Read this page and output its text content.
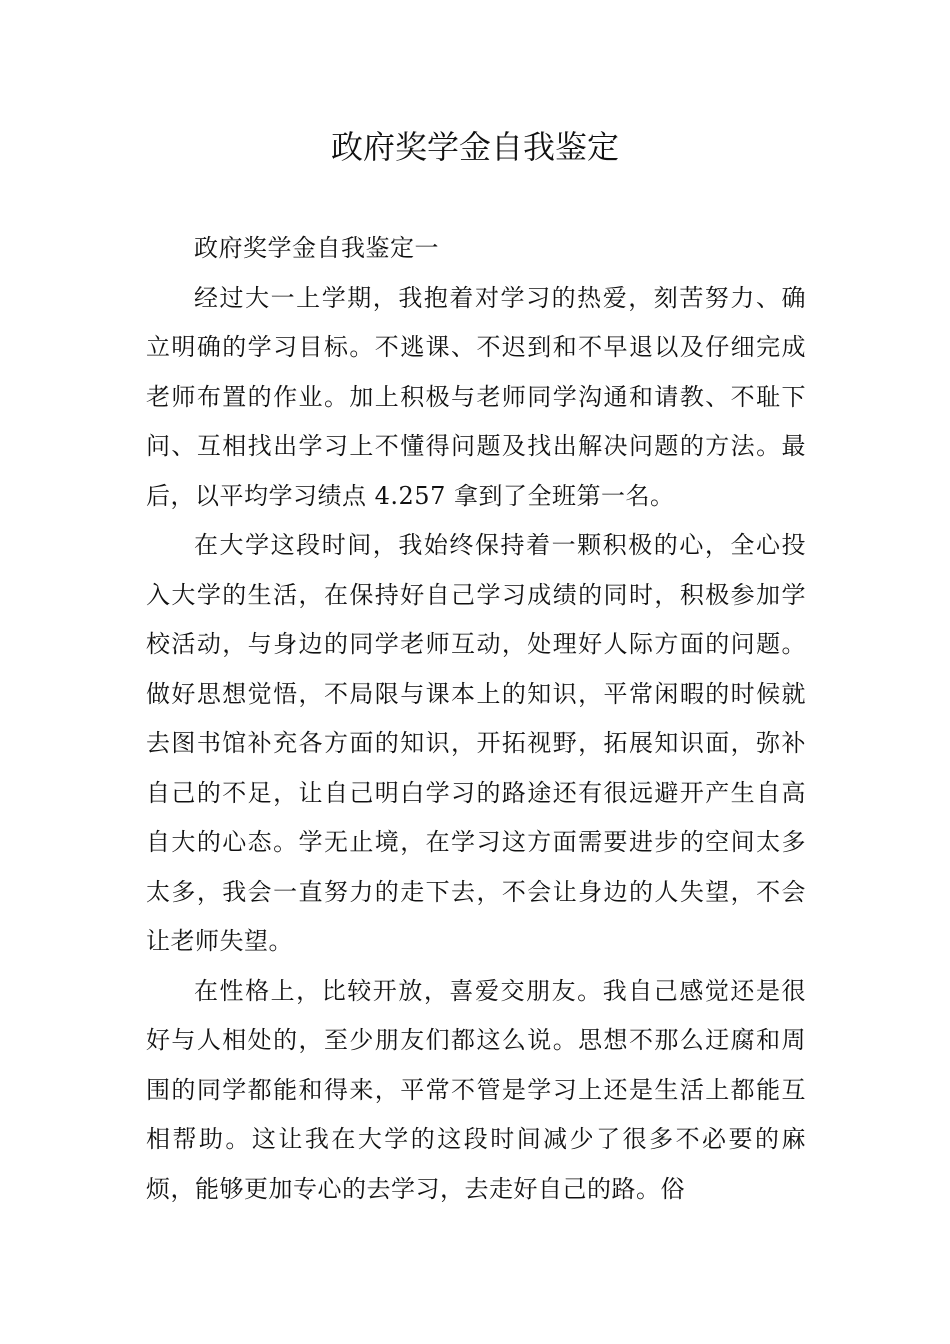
政府奖学金自我鉴定

政府奖学金自我鉴定一

经过大一上学期，我抱着对学习的热爱，刻苦努力、确立明确的学习目标。不逃课、不迟到和不早退以及仔细完成老师布置的作业。加上积极与老师同学沟通和请教、不耻下问、互相找出学习上不懂得问题及找出解决问题的方法。最后，以平均学习绩点 4.257 拿到了全班第一名。

在大学这段时间，我始终保持着一颗积极的心，全心投入大学的生活，在保持好自己学习成绩的同时，积极参加学校活动，与身边的同学老师互动，处理好人际方面的问题。做好思想觉悟，不局限与课本上的知识，平常闲暇的时候就去图书馆补充各方面的知识，开拓视野，拓展知识面，弥补自己的不足，让自己明白学习的路途还有很远避开产生自高自大的心态。学无止境，在学习这方面需要进步的空间太多太多，我会一直努力的走下去，不会让身边的人失望，不会让老师失望。

在性格上，比较开放，喜爱交朋友。我自己感觉还是很好与人相处的，至少朋友们都这么说。思想不那么迂腐和周围的同学都能和得来，平常不管是学习上还是生活上都能互相帮助。这让我在大学的这段时间减少了很多不必要的麻烦，能够更加专心的去学习，去走好自己的路。俗
